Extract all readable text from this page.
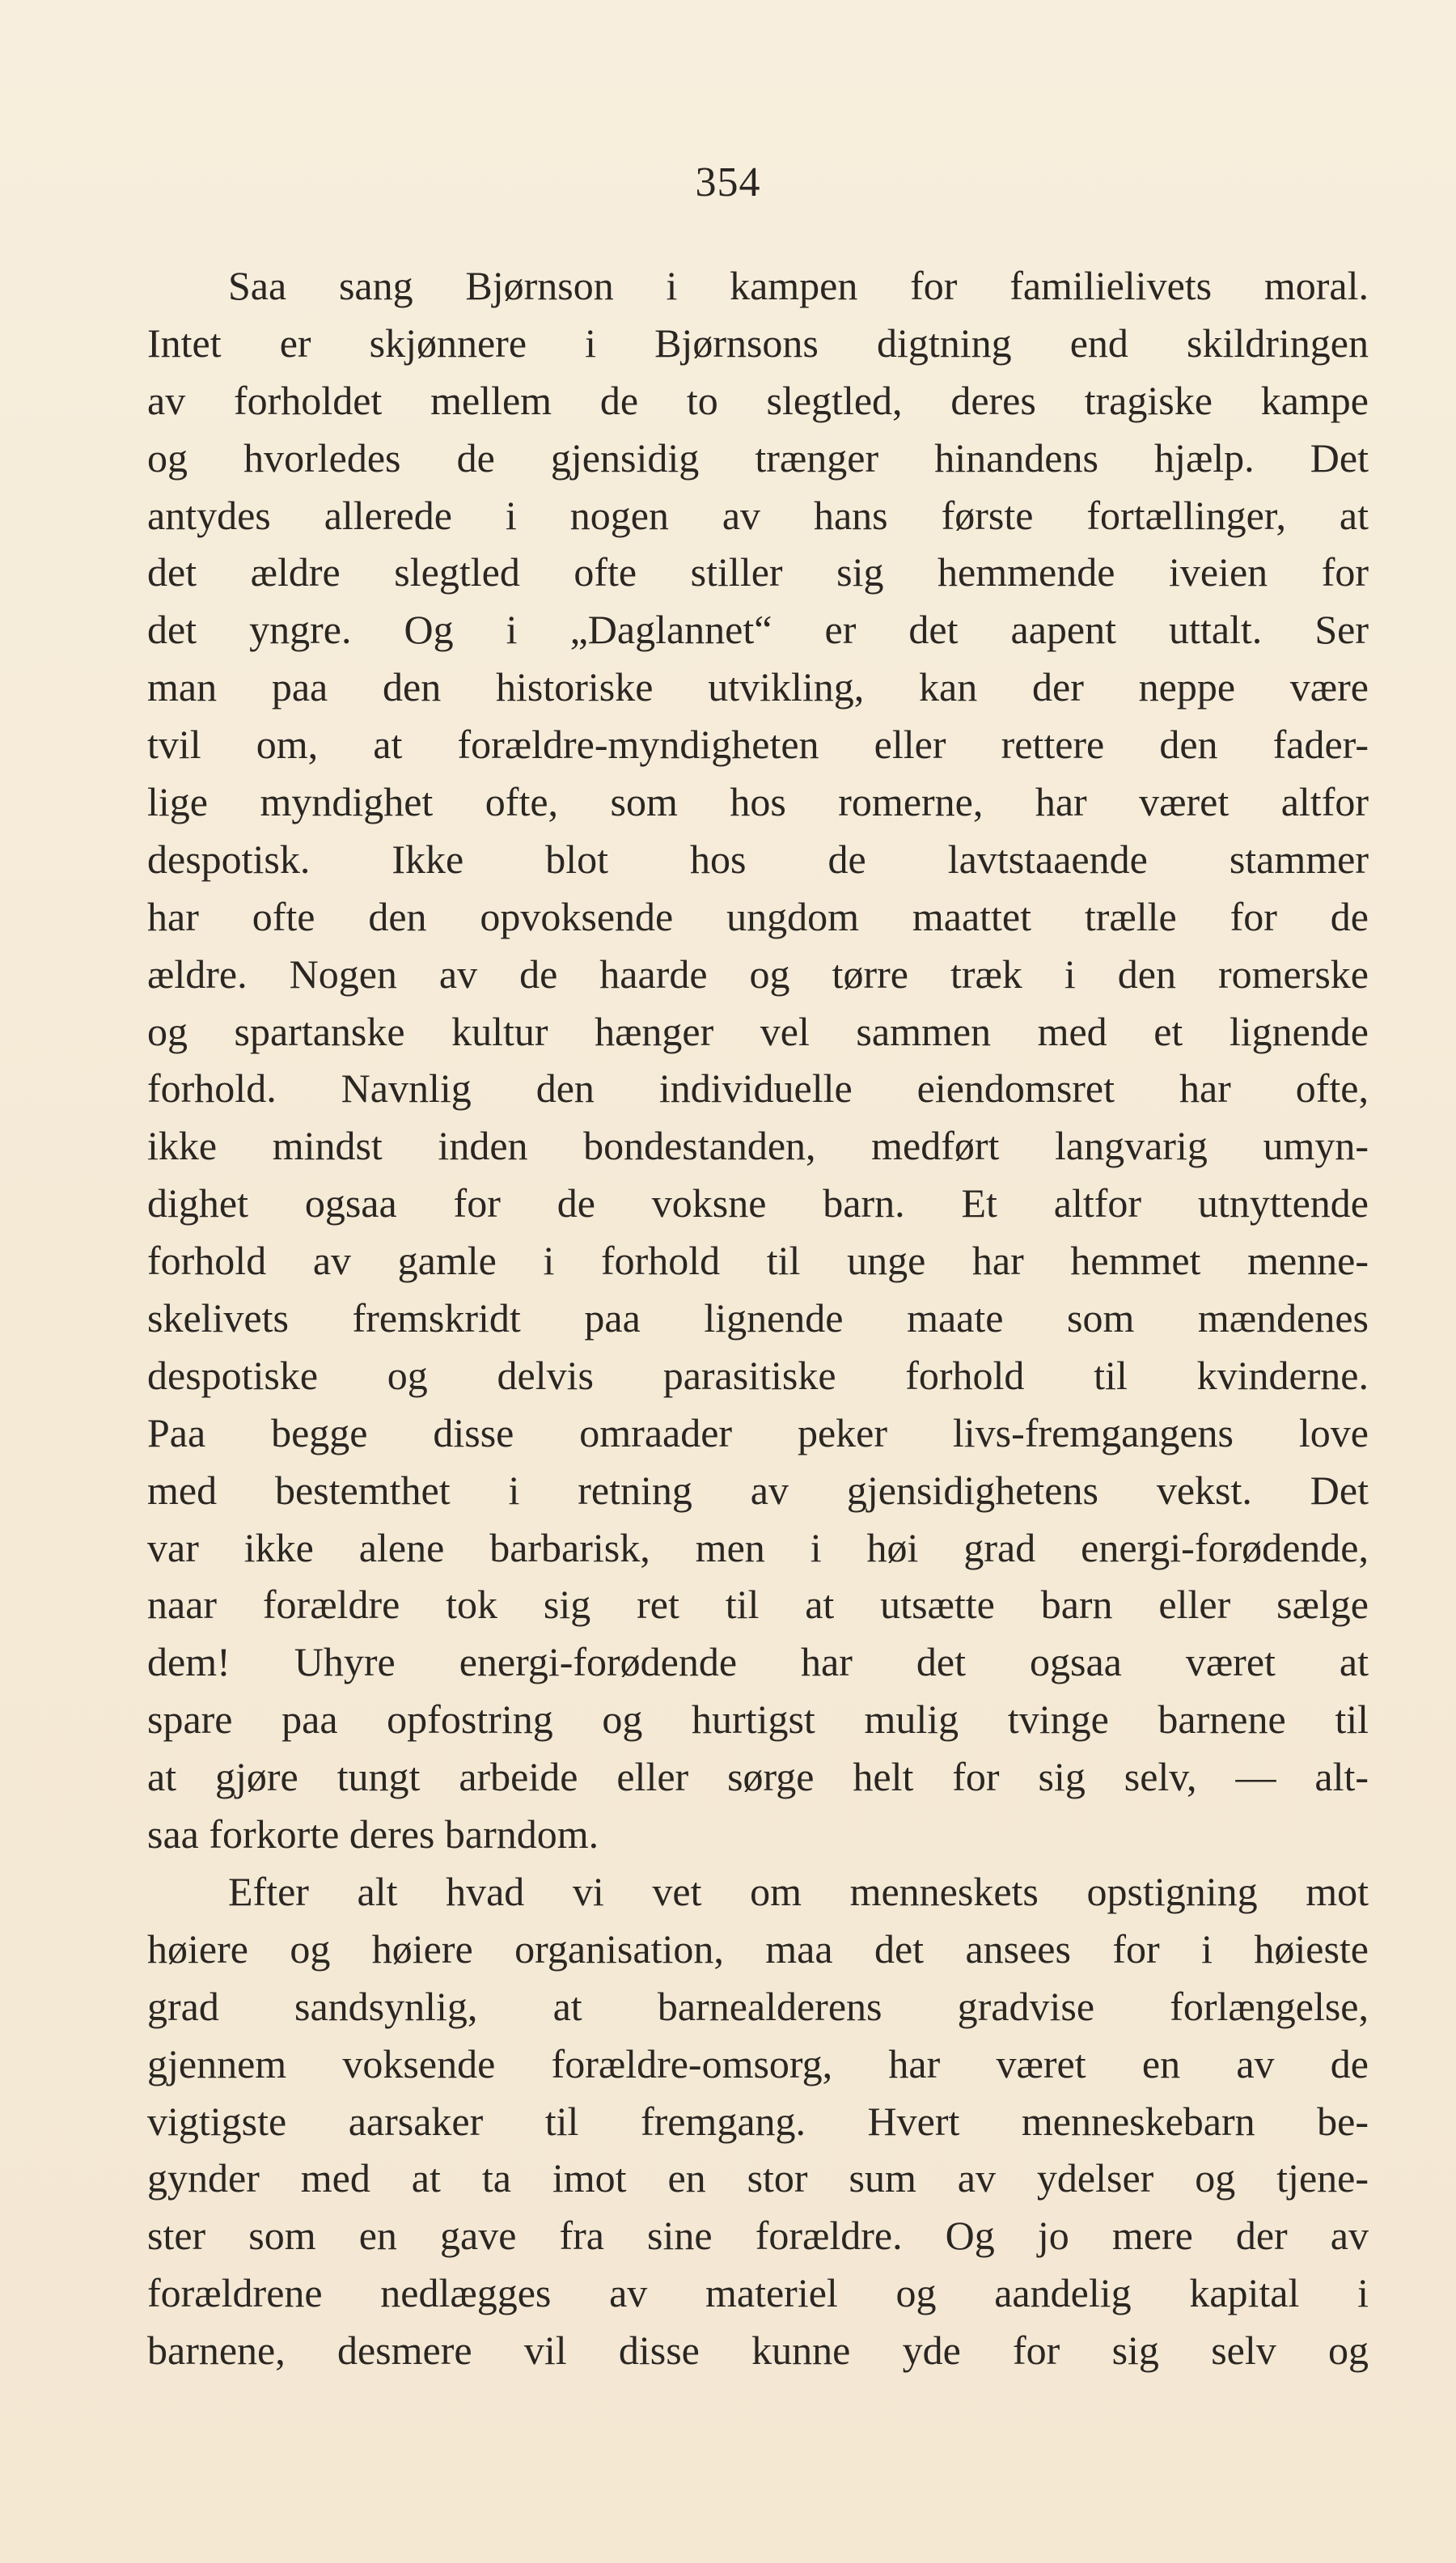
354
Saa sang Bjørnson i kampen for familielivets moral.
Intet er skjønnere i Bjørnsons digtning end skildringen
av forholdet mellem de to slegtled, deres tragiske kampe
og hvorledes de gjensidig trænger hinandens hjælp. Det
antydes allerede i nogen av hans første fortællinger, at
det ældre slegtled ofte stiller sig hemmende iveien for
det yngre. Og i „Daglannet“ er det aapent uttalt. Ser
man paa den historiske utvikling, kan der neppe være
tvil om, at forældre-myndigheten eller rettere den fader-
lige myndighet ofte, som hos romerne, har været altfor
despotisk. Ikke blot hos de lavtstaaende stammer
har ofte den opvoksende ungdom maattet trælle for de
ældre. Nogen av de haarde og tørre træk i den romerske
og spartanske kultur hænger vel sammen med et lignende
forhold. Navnlig den individuelle eiendomsret har ofte,
ikke mindst inden bondestanden, medført langvarig umyn-
dighet ogsaa for de voksne barn. Et altfor utnyttende
forhold av gamle i forhold til unge har hemmet menne-
skelivets fremskridt paa lignende maate som mændenes
despotiske og delvis parasitiske forhold til kvinderne.
Paa begge disse omraader peker livs-fremgangens love
med bestemthet i retning av gjensidighetens vekst. Det
var ikke alene barbarisk, men i høi grad energi-forødende,
naar forældre tok sig ret til at utsætte barn eller sælge
dem! Uhyre energi-forødende har det ogsaa været at
spare paa opfostring og hurtigst mulig tvinge barnene til
at gjøre tungt arbeide eller sørge helt for sig selv, — alt-
saa forkorte deres barndom.
Efter alt hvad vi vet om menneskets opstigning mot
høiere og høiere organisation, maa det ansees for i høieste
grad sandsynlig, at barnealderens gradvise forlængelse,
gjennem voksende forældre-omsorg, har været en av de
vigtigste aarsaker til fremgang. Hvert menneskebarn be-
gynder med at ta imot en stor sum av ydelser og tjene-
ster som en gave fra sine forældre. Og jo mere der av
forældrene nedlægges av materiel og aandelig kapital i
barnene, desmere vil disse kunne yde for sig selv og
